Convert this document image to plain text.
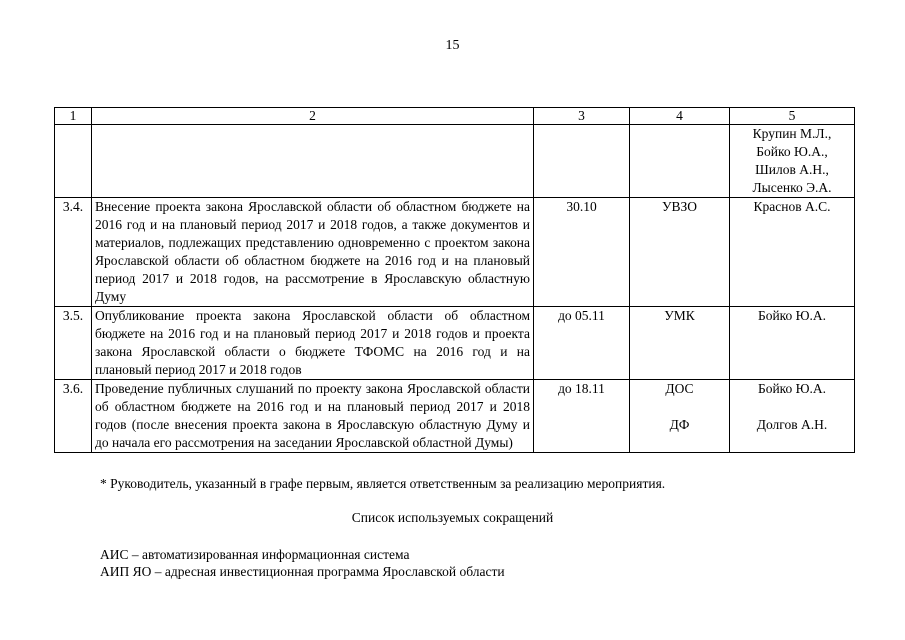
15
1	2	3	4	5

				Крупин М.Л.,
Бойко Ю.А.,
Шилов А.Н.,
Лысенко Э.А.

3.4.	Внесение проекта закона Ярославской области об областном бюджете на 2016 год и на плановый период 2017 и 2018 годов, а также документов и материалов, подлежащих представлению одновременно с проектом закона Ярославской области об областном бюджете на 2016 год и на плановый период 2017 и 2018 годов, на рассмотрение в Ярославскую областную Думу	30.10	УВЗО	Краснов А.С.

3.5.	Опубликование проекта закона Ярославской области об областном бюджете на 2016 год и на плановый период 2017 и 2018 годов и проекта закона Ярославской области о бюджете ТФОМС на 2016 год и на плановый период 2017 и 2018 годов	до 05.11	УМК	Бойко Ю.А.

3.6.	Проведение публичных слушаний по проекту закона Ярославской области об областном бюджете на 2016 год и на плановый период 2017 и 2018 годов (после внесения проекта закона в Ярославскую областную Думу и до начала его рассмотрения на заседании Ярославской областной Думы)	до 18.11	ДОС
ДФ	Бойко Ю.А.
Долгов А.Н.
* Руководитель, указанный в графе первым, является ответственным за реализацию мероприятия.
Список используемых сокращений
АИС – автоматизированная информационная система
АИП ЯО – адресная инвестиционная программа Ярославской области
